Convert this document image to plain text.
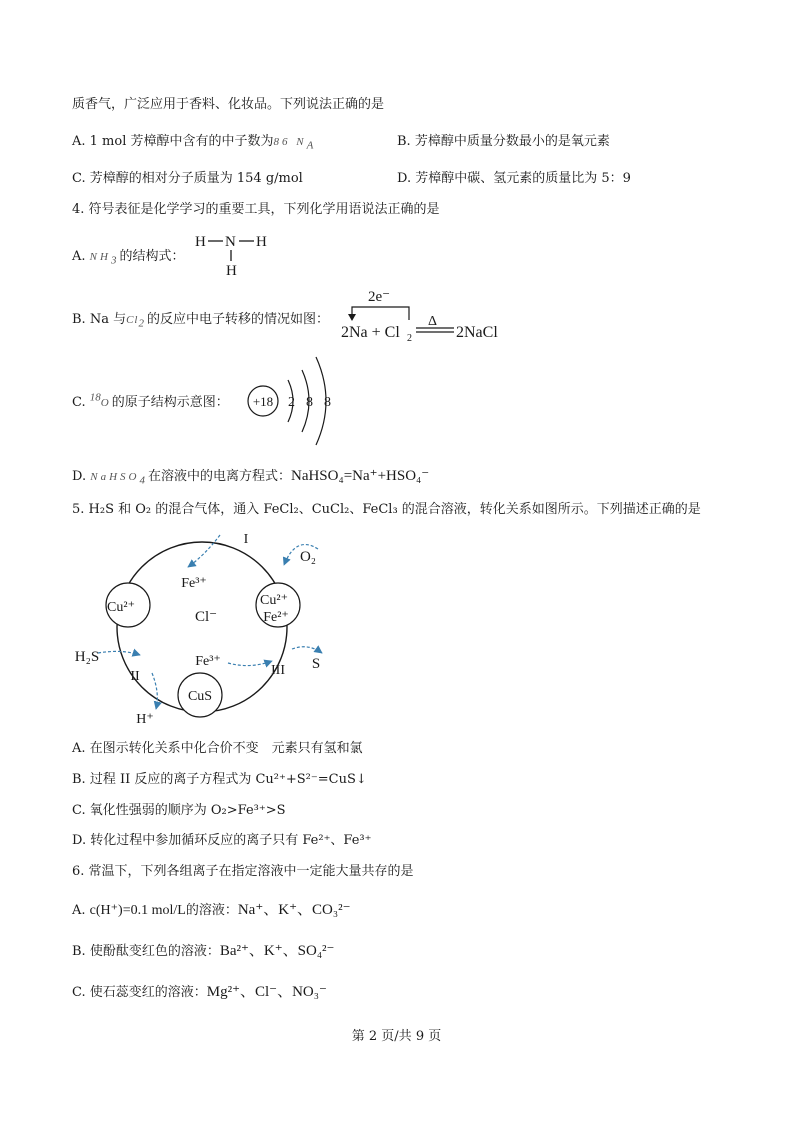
质香气，广泛应用于香料、化妆品。下列说法正确的是
A. 1 mol 芳樟醇中含有的中子数为86 $N_A$	B. 芳樟醇中质量分数最小的是氧元素
C. 芳樟醇的相对分子质量为 154 g/mol	D. 芳樟醇中碳、氢元素的质量比为 5：9
4. 符号表征是化学学习的重要工具，下列化学用语说法正确的是
A. $NH_3$的结构式：
H N H
H
B. Na 与$Cl_2$的反应中电子转移的情况如图：
2e⁻
2Na + Cl 2
Δ
2NaCl
C. $^{18}$O的原子结构示意图： +18 2 8 8
D. NaHSO$_4$在溶液中的电离方程式：NaHSO₄=Na⁺+HSO₄⁻
5. H₂S 和 O₂ 的混合气体，通入 FeCl₂、CuCl₂、FeCl₃ 的混合溶液，转化关系如图所示。下列描述正确的是
Cu²⁺	Cu²⁺
Fe²⁺
CuS
Cl⁻
Fe³⁺
Fe³⁺
I
II	III
O₂
H₂S	S
H⁺
A. 在图示转化关系中化合价不变　元素只有氢和氯
B. 过程 II 反应的离子方程式为 Cu²⁺+S²⁻=CuS↓
C. 氧化性强弱的顺序为 O₂>Fe³⁺>S
D. 转化过程中参加循环反应的离子只有 Fe²⁺、Fe³⁺
6. 常温下，下列各组离子在指定溶液中一定能大量共存的是
A. c(H⁺)=0.1 mol/L的溶液：Na⁺、K⁺、CO₃²⁻
B. 使酚酞变红色的溶液：Ba²⁺、K⁺、SO₄²⁻
C. 使石蕊变红的溶液：Mg²⁺、Cl⁻、NO₃⁻
第 2 页/共 9 页
